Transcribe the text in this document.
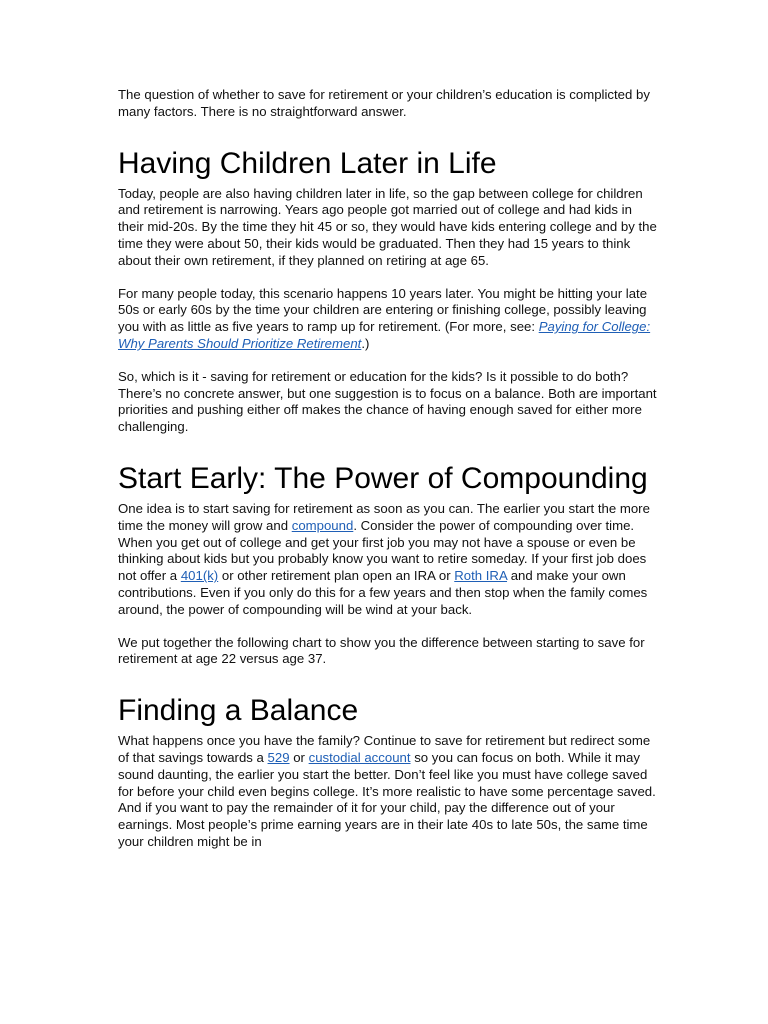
The question of whether to save for retirement or your children’s education is complicted by many factors. There is no straightforward answer.

Having Children Later in Life

Today, people are also having children later in life, so the gap between college for children and retirement is narrowing. Years ago people got married out of college and had kids in their mid-20s. By the time they hit 45 or so, they would have kids entering college and by the time they were about 50, their kids would be graduated. Then they had 15 years to think about their own retirement, if they planned on retiring at age 65.

For many people today, this scenario happens 10 years later. You might be hitting your late 50s or early 60s by the time your children are entering or finishing college, possibly leaving you with as little as five years to ramp up for retirement. (For more, see: Paying for College: Why Parents Should Prioritize Retirement.)

So, which is it - saving for retirement or education for the kids? Is it possible to do both? There’s no concrete answer, but one suggestion is to focus on a balance. Both are important priorities and pushing either off makes the chance of having enough saved for either more challenging.

Start Early: The Power of Compounding

One idea is to start saving for retirement as soon as you can. The earlier you start the more time the money will grow and compound. Consider the power of compounding over time. When you get out of college and get your first job you may not have a spouse or even be thinking about kids but you probably know you want to retire someday. If your first job does not offer a 401(k) or other retirement plan open an IRA or Roth IRA and make your own contributions. Even if you only do this for a few years and then stop when the family comes around, the power of compounding will be wind at your back.

We put together the following chart to show you the difference between starting to save for retirement at age 22 versus age 37.

Finding a Balance

What happens once you have the family? Continue to save for retirement but redirect some of that savings towards a 529 or custodial account so you can focus on both. While it may sound daunting, the earlier you start the better. Don’t feel like you must have college saved for before your child even begins college. It’s more realistic to have some percentage saved. And if you want to pay the remainder of it for your child, pay the difference out of your earnings. Most people’s prime earning years are in their late 40s to late 50s, the same time your children might be in
